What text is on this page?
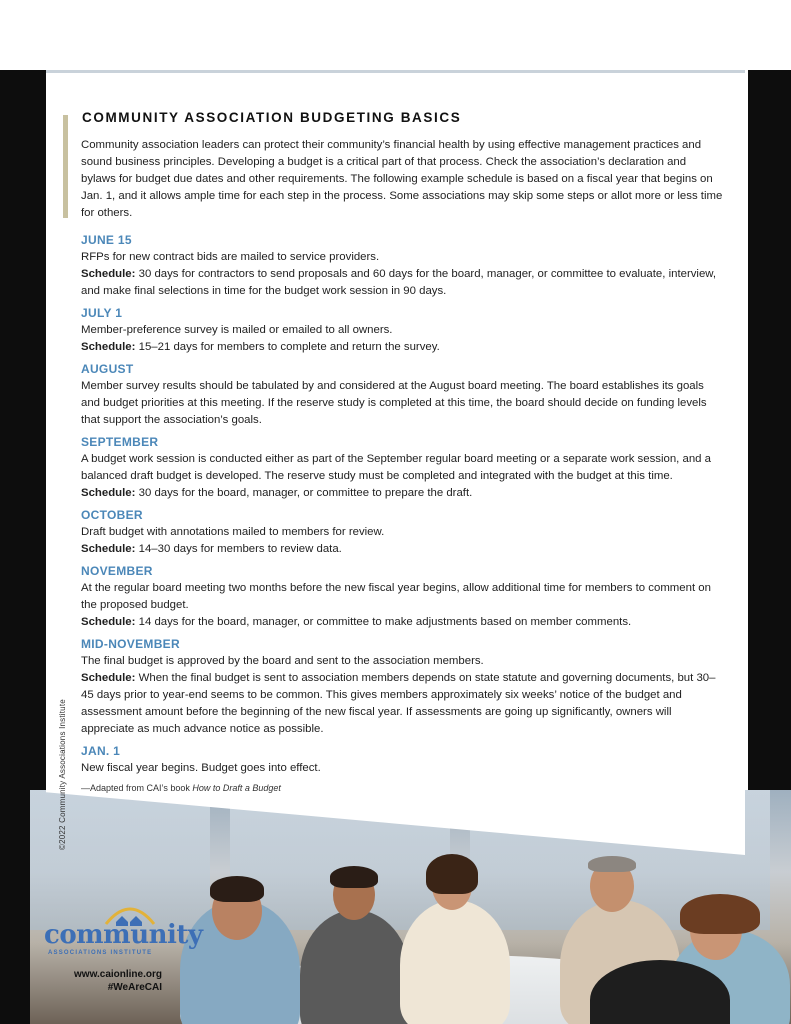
COMMUNITY ASSOCIATION BUDGETING BASICS

Community association leaders can protect their community’s financial health by using effective management practices and sound business principles. Developing a budget is a critical part of that process. Check the association’s declaration and bylaws for budget due dates and other requirements. The following example schedule is based on a fiscal year that begins on Jan. 1, and it allows ample time for each step in the process. Some associations may skip some steps or allot more or less time for others.

JUNE 15

RFPs for new contract bids are mailed to service providers.

Schedule: 30 days for contractors to send proposals and 60 days for the board, manager, or committee to evaluate, interview, and make final selections in time for the budget work session in 90 days.

JULY 1

Member-preference survey is mailed or emailed to all owners.

Schedule: 15–21 days for members to complete and return the survey.

AUGUST

Member survey results should be tabulated by and considered at the August board meeting. The board establishes its goals and budget priorities at this meeting. If the reserve study is completed at this time, the board should decide on funding levels that support the association’s goals.

SEPTEMBER

A budget work session is conducted either as part of the September regular board meeting or a separate work session, and a balanced draft budget is developed. The reserve study must be completed and integrated with the budget at this time.

Schedule: 30 days for the board, manager, or committee to prepare the draft.

OCTOBER

Draft budget with annotations mailed to members for review.

Schedule: 14–30 days for members to review data.

NOVEMBER

At the regular board meeting two months before the new fiscal year begins, allow additional time for members to comment on the proposed budget.

Schedule: 14 days for the board, manager, or committee to make adjustments based on member comments.

MID-NOVEMBER

The final budget is approved by the board and sent to the association members.

Schedule: When the final budget is sent to association members depends on state statute and governing documents, but 30–45 days prior to year-end seems to be common. This gives members approximately six weeks’ notice of the budget and assessment amount before the beginning of the new fiscal year. If assessments are going up significantly, owners will appreciate as much advance notice as possible.

JAN. 1

New fiscal year begins. Budget goes into effect.

—Adapted from CAI’s book How to Draft a Budget

©2022 Community Associations Institute
community
ASSOCIATIONS INSTITUTE
www.caionline.org
#WeAreCAI
